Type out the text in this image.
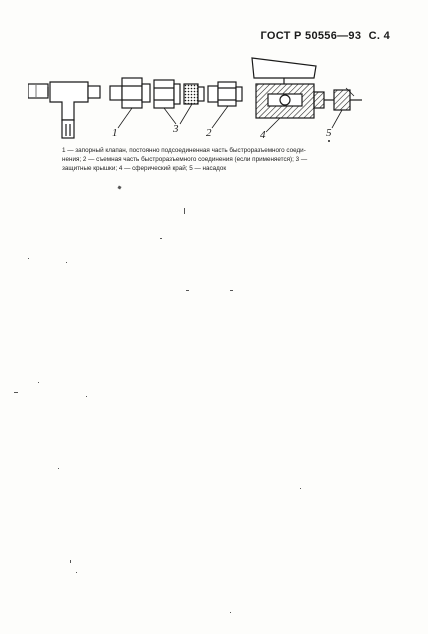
ГОСТ Р 50556—93 С. 4
1	3	2	4	5
1 — запорный клапан, постоянно подсоединенная часть быстроразъемного соеди-
нения; 2 — съемная часть быстроразъемного соединения (если применяется); 3 —
защитные крышки; 4 — сферический край; 5 — насадок
